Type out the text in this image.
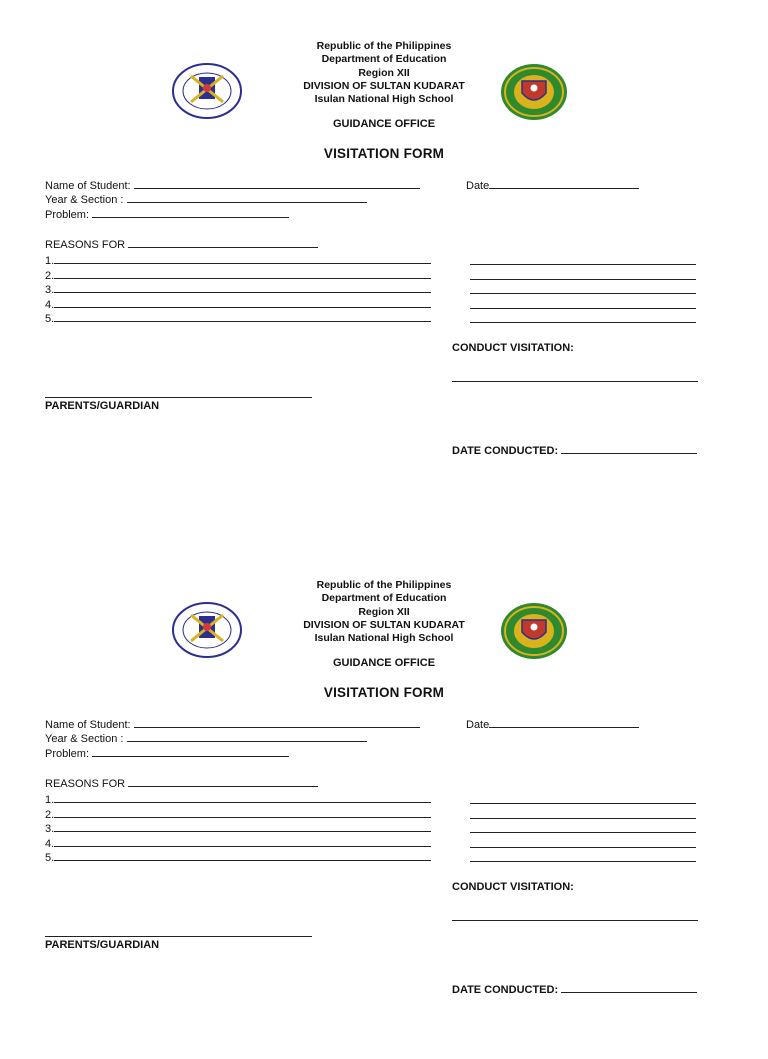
Republic of the Philippines
Department of Education
Region XII
DIVISION OF SULTAN KUDARAT
Isulan National High School
GUIDANCE OFFICE
VISITATION FORM
Name of Student:	Date
Year & Section :
Problem:
REASONS FOR
1.
2.
3.
4.
5.
CONDUCT VISITATION:
PARENTS/GUARDIAN
DATE CONDUCTED:
Republic of the Philippines
Department of Education
Region XII
DIVISION OF SULTAN KUDARAT
Isulan National High School
GUIDANCE OFFICE
VISITATION FORM
Name of Student:	Date
Year & Section :
Problem:
REASONS FOR
1.
2.
3.
4.
5.
CONDUCT VISITATION:
PARENTS/GUARDIAN
DATE CONDUCTED:
